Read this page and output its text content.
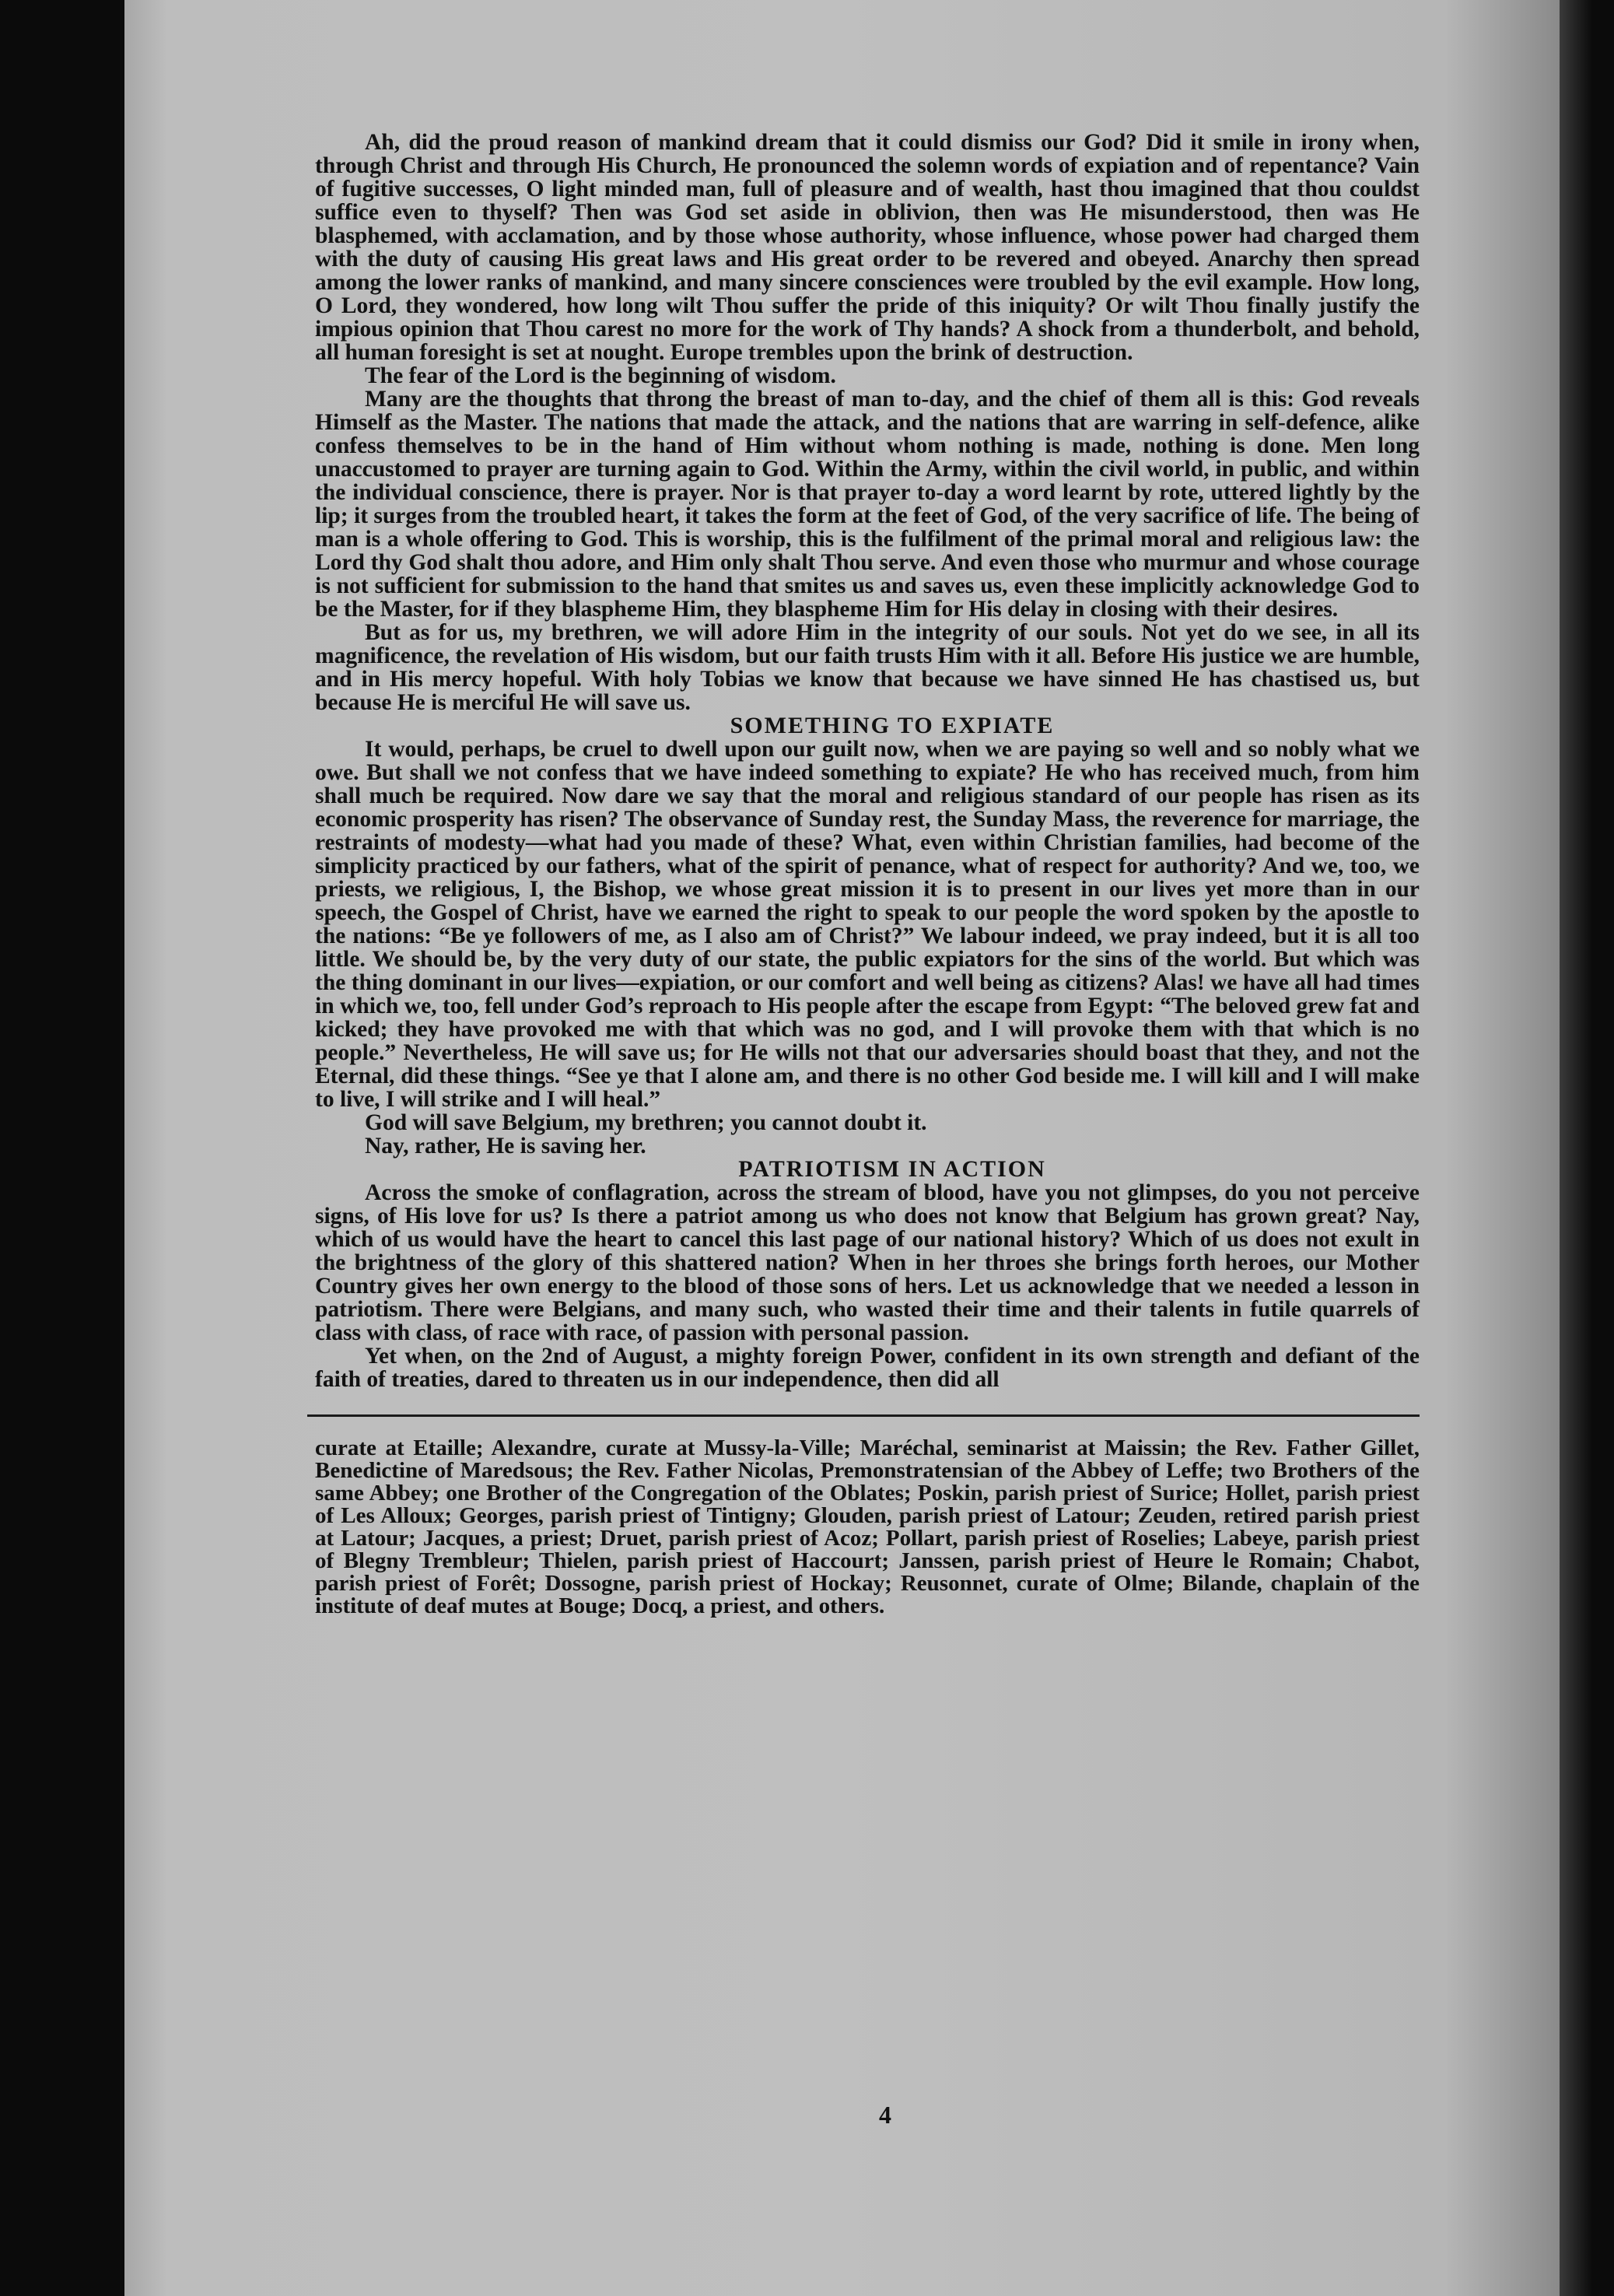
Ah, did the proud reason of mankind dream that it could dismiss our God? Did it smile in irony when, through Christ and through His Church, He pronounced the solemn words of expiation and of repentance? Vain of fugitive successes, O light minded man, full of pleasure and of wealth, hast thou imagined that thou couldst suffice even to thyself? Then was God set aside in oblivion, then was He misunderstood, then was He blasphemed, with acclamation, and by those whose authority, whose influence, whose power had charged them with the duty of causing His great laws and His great order to be revered and obeyed. Anarchy then spread among the lower ranks of mankind, and many sincere consciences were troubled by the evil example. How long, O Lord, they wondered, how long wilt Thou suffer the pride of this iniquity? Or wilt Thou finally justify the impious opinion that Thou carest no more for the work of Thy hands? A shock from a thunderbolt, and behold, all human foresight is set at nought. Europe trembles upon the brink of destruction.

The fear of the Lord is the beginning of wisdom.

Many are the thoughts that throng the breast of man to-day, and the chief of them all is this: God reveals Himself as the Master. The nations that made the attack, and the nations that are warring in self-defence, alike confess themselves to be in the hand of Him without whom nothing is made, nothing is done. Men long unaccustomed to prayer are turning again to God. Within the Army, within the civil world, in public, and within the individual conscience, there is prayer. Nor is that prayer to-day a word learnt by rote, uttered lightly by the lip; it surges from the troubled heart, it takes the form at the feet of God, of the very sacrifice of life. The being of man is a whole offering to God. This is worship, this is the fulfilment of the primal moral and religious law: the Lord thy God shalt thou adore, and Him only shalt Thou serve. And even those who murmur and whose courage is not sufficient for submission to the hand that smites us and saves us, even these implicitly acknowledge God to be the Master, for if they blaspheme Him, they blaspheme Him for His delay in closing with their desires.

But as for us, my brethren, we will adore Him in the integrity of our souls. Not yet do we see, in all its magnificence, the revelation of His wisdom, but our faith trusts Him with it all. Before His justice we are humble, and in His mercy hopeful. With holy Tobias we know that because we have sinned He has chastised us, but because He is merciful He will save us.

SOMETHING TO EXPIATE

It would, perhaps, be cruel to dwell upon our guilt now, when we are paying so well and so nobly what we owe. But shall we not confess that we have indeed something to expiate? He who has received much, from him shall much be required. Now dare we say that the moral and religious standard of our people has risen as its economic prosperity has risen? The observance of Sunday rest, the Sunday Mass, the reverence for marriage, the restraints of modesty—what had you made of these? What, even within Christian families, had become of the simplicity practiced by our fathers, what of the spirit of penance, what of respect for authority? And we, too, we priests, we religious, I, the Bishop, we whose great mission it is to present in our lives yet more than in our speech, the Gospel of Christ, have we earned the right to speak to our people the word spoken by the apostle to the nations: “Be ye followers of me, as I also am of Christ?” We labour indeed, we pray indeed, but it is all too little. We should be, by the very duty of our state, the public expiators for the sins of the world. But which was the thing dominant in our lives—expiation, or our comfort and well being as citizens? Alas! we have all had times in which we, too, fell under God’s reproach to His people after the escape from Egypt: “The beloved grew fat and kicked; they have provoked me with that which was no god, and I will provoke them with that which is no people.” Nevertheless, He will save us; for He wills not that our adversaries should boast that they, and not the Eternal, did these things. “See ye that I alone am, and there is no other God beside me. I will kill and I will make to live, I will strike and I will heal.”

God will save Belgium, my brethren; you cannot doubt it.

Nay, rather, He is saving her.

PATRIOTISM IN ACTION

Across the smoke of conflagration, across the stream of blood, have you not glimpses, do you not perceive signs, of His love for us? Is there a patriot among us who does not know that Belgium has grown great? Nay, which of us would have the heart to cancel this last page of our national history? Which of us does not exult in the brightness of the glory of this shattered nation? When in her throes she brings forth heroes, our Mother Country gives her own energy to the blood of those sons of hers. Let us acknowledge that we needed a lesson in patriotism. There were Belgians, and many such, who wasted their time and their talents in futile quarrels of class with class, of race with race, of passion with personal passion.

Yet when, on the 2nd of August, a mighty foreign Power, confident in its own strength and defiant of the faith of treaties, dared to threaten us in our independence, then did all

curate at Etaille; Alexandre, curate at Mussy-la-Ville; Maréchal, seminarist at Maissin; the Rev. Father Gillet, Benedictine of Maredsous; the Rev. Father Nicolas, Premonstratensian of the Abbey of Leffe; two Brothers of the same Abbey; one Brother of the Congregation of the Oblates; Poskin, parish priest of Surice; Hollet, parish priest of Les Alloux; Georges, parish priest of Tintigny; Glouden, parish priest of Latour; Zeuden, retired parish priest at Latour; Jacques, a priest; Druet, parish priest of Acoz; Pollart, parish priest of Roselies; Labeye, parish priest of Blegny Trembleur; Thielen, parish priest of Haccourt; Janssen, parish priest of Heure le Romain; Chabot, parish priest of Forêt; Dossogne, parish priest of Hockay; Reusonnet, curate of Olme; Bilande, chaplain of the institute of deaf mutes at Bouge; Docq, a priest, and others.

4
